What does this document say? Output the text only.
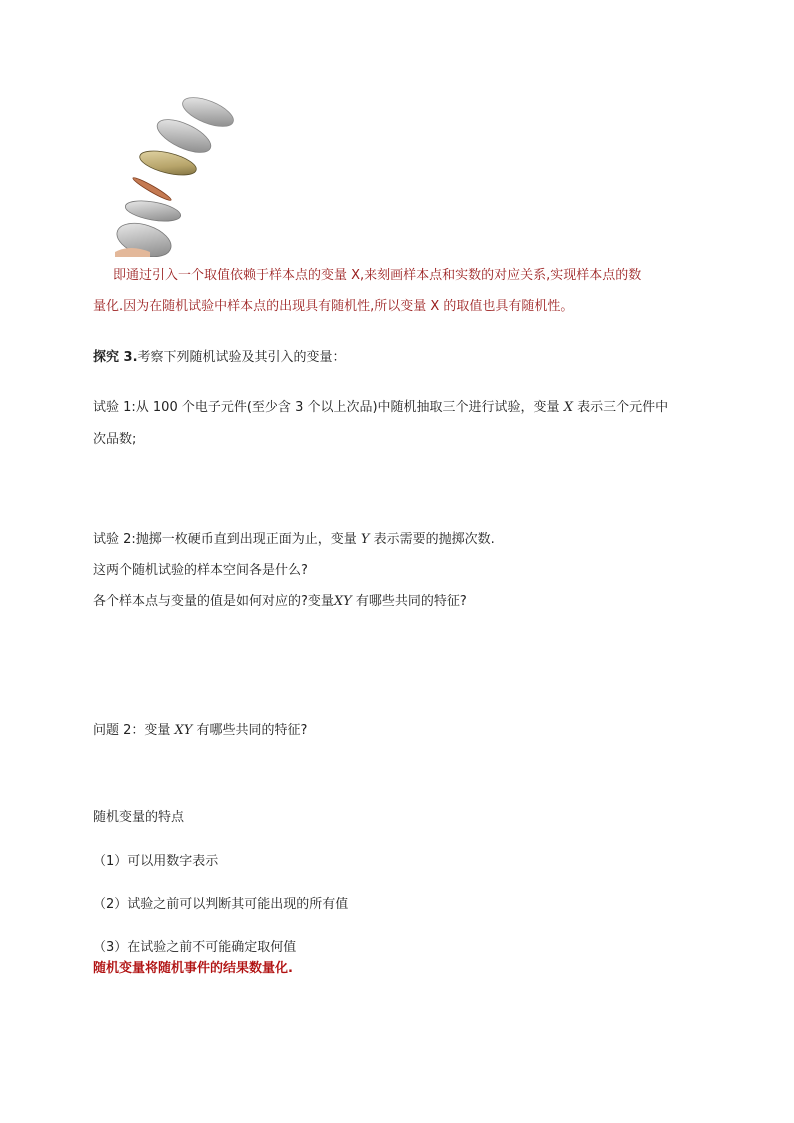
即通过引入一个取值依赖于样本点的变量 X,来刻画样本点和实数的对应关系,实现样本点的数
量化.因为在随机试验中样本点的出现具有随机性,所以变量 X 的取值也具有随机性。
探究 3.考察下列随机试验及其引入的变量：
试验 1:从 100 个电子元件(至少含 3 个以上次品)中随机抽取三个进行试验，变量 X 表示三个元件中
次品数;
试验 2:抛掷一枚硬币直到出现正面为止，变量 Y 表示需要的抛掷次数.
这两个随机试验的样本空间各是什么?
各个样本点与变量的值是如何对应的?变量XY 有哪些共同的特征?
问题 2：变量 XY 有哪些共同的特征?
随机变量的特点
（1）可以用数字表示
（2）试验之前可以判断其可能出现的所有值
（3）在试验之前不可能确定取何值
随机变量将随机事件的结果数量化.
